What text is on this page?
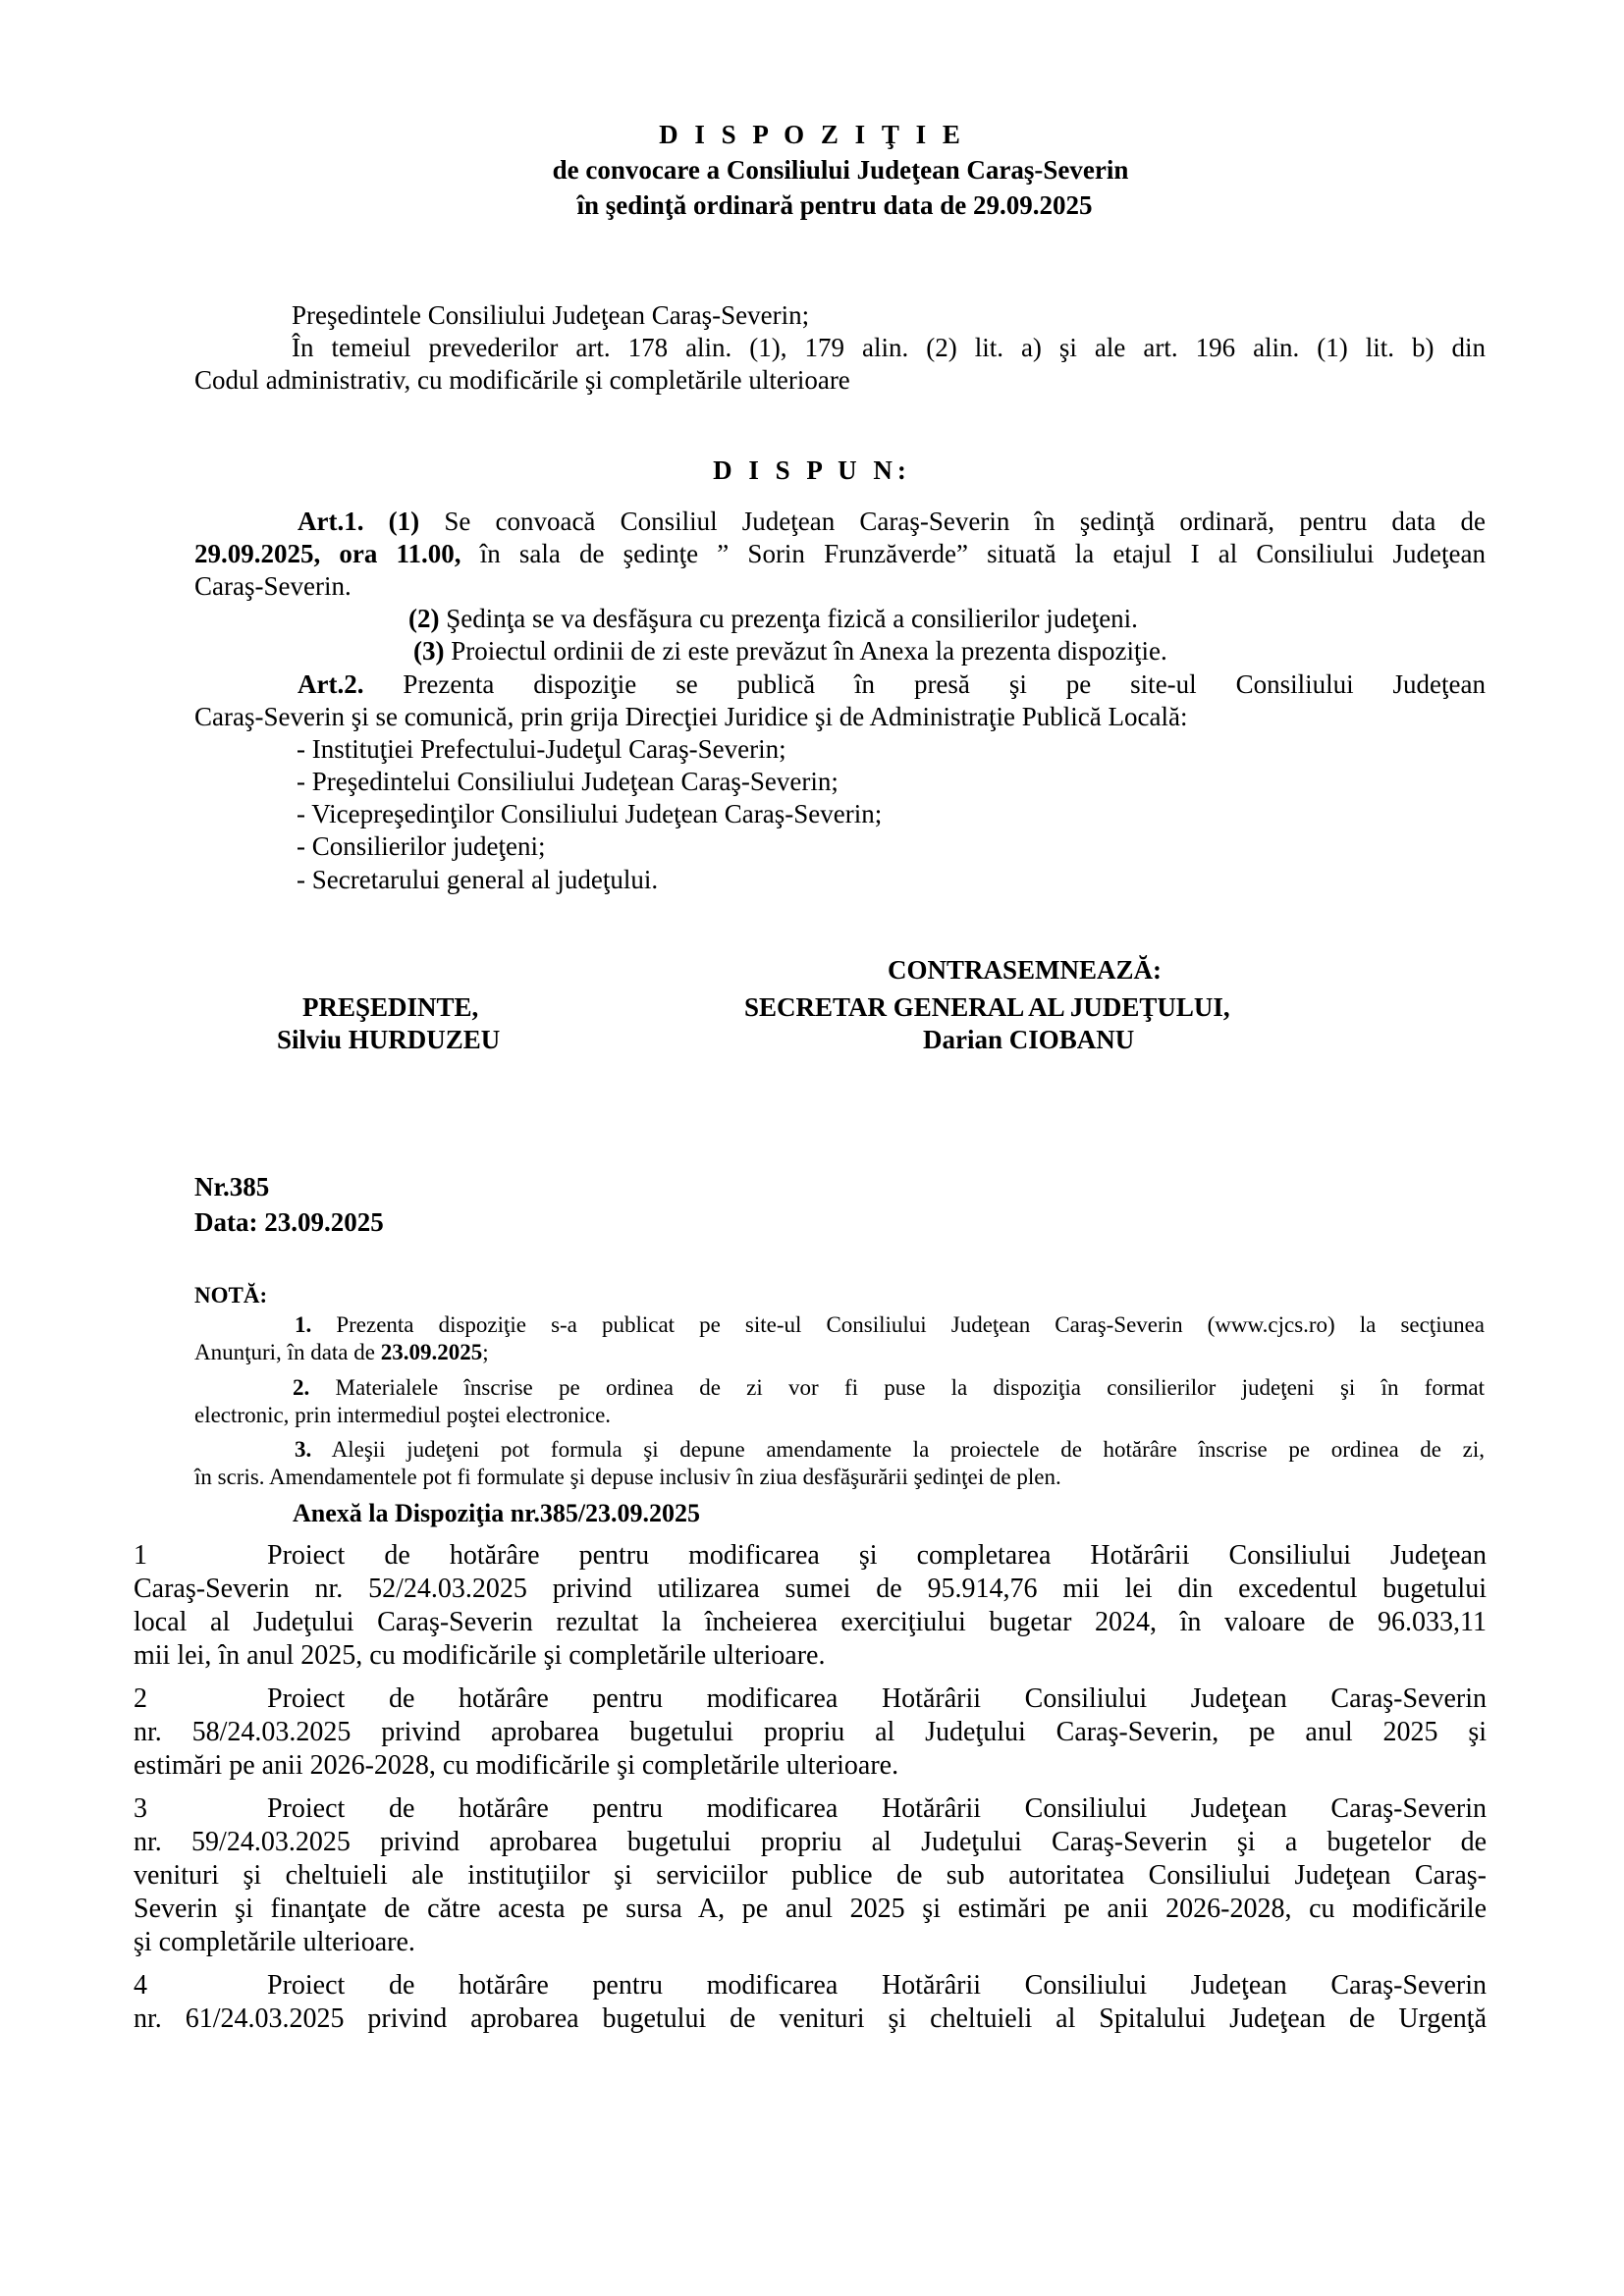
D I S P O Z I Ţ I E
de convocare a Consiliului Judeţean Caraş-Severin
în şedinţă ordinară pentru data de 29.09.2025
Preşedintele Consiliului Judeţean Caraş-Severin;
În temeiul prevederilor art. 178 alin. (1), 179 alin. (2) lit. a) şi ale art. 196 alin. (1) lit. b) din
Codul administrativ, cu modificările şi completările ulterioare
D I S P U N:
Art.1. (1) Se convoacă Consiliul Judeţean Caraş-Severin în şedinţă ordinară, pentru data de
29.09.2025, ora 11.00, în sala de şedinţe ” Sorin Frunzăverde” situată la etajul I al Consiliului Judeţean
Caraş-Severin.
(2) Şedinţa se va desfăşura cu prezenţa fizică a consilierilor judeţeni.
(3) Proiectul ordinii de zi este prevăzut în Anexa la prezenta dispoziţie.
Art.2. Prezenta dispoziţie se publică în presă şi pe site-ul Consiliului Judeţean
Caraş-Severin şi se comunică, prin grija Direcţiei Juridice şi de Administraţie Publică Locală:
- Instituţiei Prefectului-Judeţul Caraş-Severin;
- Preşedintelui Consiliului Judeţean Caraş-Severin;
- Vicepreşedinţilor Consiliului Judeţean Caraş-Severin;
- Consilierilor judeţeni;
- Secretarului general al judeţului.
CONTRASEMNEAZĂ:
PREŞEDINTE,
Silviu HURDUZEU
SECRETAR GENERAL AL JUDEŢULUI,
Darian CIOBANU
Nr.385
Data: 23.09.2025
NOTĂ:
1. Prezenta dispoziţie s-a publicat pe site-ul Consiliului Judeţean Caraş-Severin (www.cjcs.ro) la secţiunea
Anunţuri, în data de 23.09.2025;
2. Materialele înscrise pe ordinea de zi vor fi puse la dispoziţia consilierilor judeţeni şi în format
electronic, prin intermediul poştei electronice.
3. Aleşii judeţeni pot formula şi depune amendamente la proiectele de hotărâre înscrise pe ordinea de zi,
în scris. Amendamentele pot fi formulate şi depuse inclusiv în ziua desfăşurării şedinţei de plen.
Anexă la Dispoziţia nr.385/23.09.2025
1	Proiect de hotărâre pentru modificarea şi completarea Hotărârii Consiliului Judeţean
Caraş-Severin nr. 52/24.03.2025 privind utilizarea sumei de 95.914,76 mii lei din excedentul bugetului
local al Judeţului Caraş-Severin rezultat la încheierea exerciţiului bugetar 2024, în valoare de 96.033,11
mii lei, în anul 2025, cu modificările şi completările ulterioare.
2	Proiect de hotărâre pentru modificarea Hotărârii Consiliului Judeţean Caraş-Severin
nr. 58/24.03.2025 privind aprobarea bugetului propriu al Judeţului Caraş-Severin, pe anul 2025 şi
estimări pe anii 2026-2028, cu modificările şi completările ulterioare.
3	Proiect de hotărâre pentru modificarea Hotărârii Consiliului Judeţean Caraş-Severin
nr. 59/24.03.2025 privind aprobarea bugetului propriu al Judeţului Caraş-Severin şi a bugetelor de
venituri şi cheltuieli ale instituţiilor şi serviciilor publice de sub autoritatea Consiliului Judeţean Caraş-
Severin şi finanţate de către acesta pe sursa A, pe anul 2025 şi estimări pe anii 2026-2028, cu modificările
şi completările ulterioare.
4	Proiect de hotărâre pentru modificarea Hotărârii Consiliului Judeţean Caraş-Severin
nr. 61/24.03.2025 privind aprobarea bugetului de venituri şi cheltuieli al Spitalului Judeţean de Urgenţă
